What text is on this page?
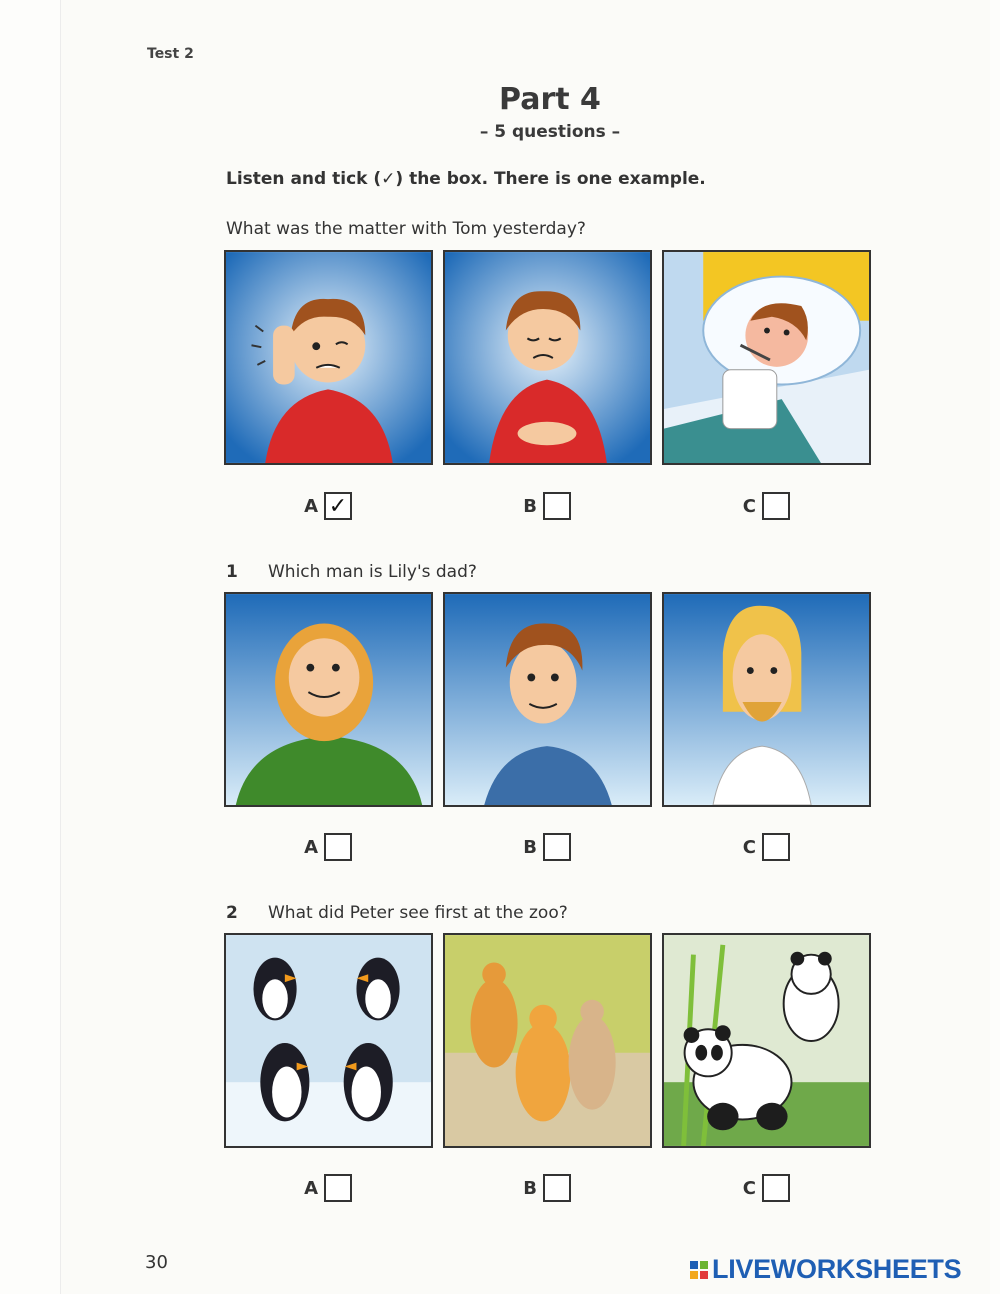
Test 2
Part 4
– 5 questions –
Listen and tick (✓) the box. There is one example.
What was the matter with Tom yesterday?
A ✓	B	C
1 Which man is Lily's dad?
A	B	C
2 What did Peter see first at the zoo?
A	B	C
30	LIVEWORKSHEETS
